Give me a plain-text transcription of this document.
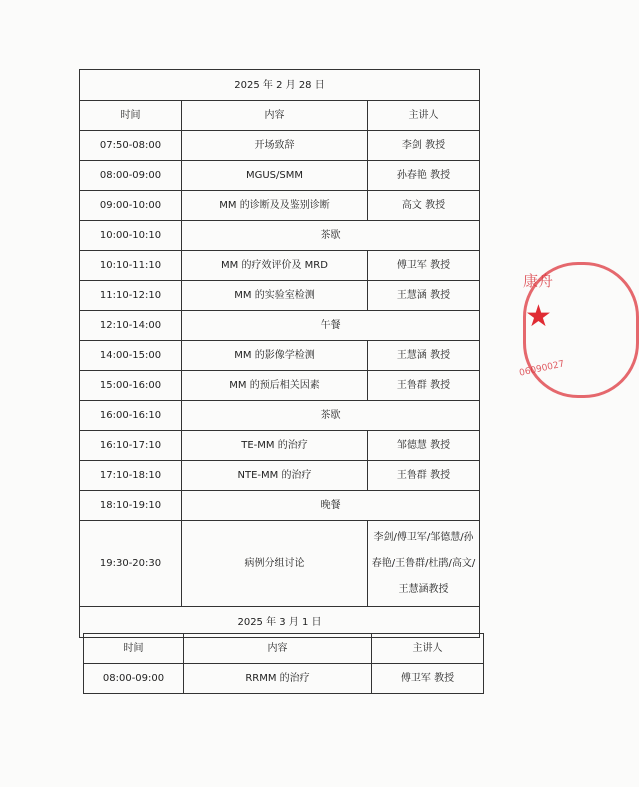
2025 年 2 月 28 日		
时间	内容	主讲人
07:50-08:00	开场致辞	李剑 教授
08:00-09:00	MGUS/SMM	孙春艳 教授
09:00-10:00	MM 的诊断及及鉴别诊断	高文 教授
10:00-10:10	茶歇	
10:10-11:10	MM 的疗效评价及 MRD	傅卫军 教授
11:10-12:10	MM 的实验室检测	王慧涵 教授
12:10-14:00	午餐	
14:00-15:00	MM 的影像学检测	王慧涵 教授
15:00-16:00	MM 的预后相关因素	王鲁群 教授
16:00-16:10	茶歇	
16:10-17:10	TE-MM 的治疗	邹德慧 教授
17:10-18:10	NTE-MM 的治疗	王鲁群 教授
18:10-19:10	晚餐	
19:30-20:30	病例分组讨论	李剑/傅卫军/邹德慧/孙春艳/王鲁群/杜鹃/高文/王慧涵教授
2025 年 3 月 1 日		
时间	内容	主讲人
08:00-09:00	RRMM 的治疗	傅卫军 教授
康舟
★
06090027
